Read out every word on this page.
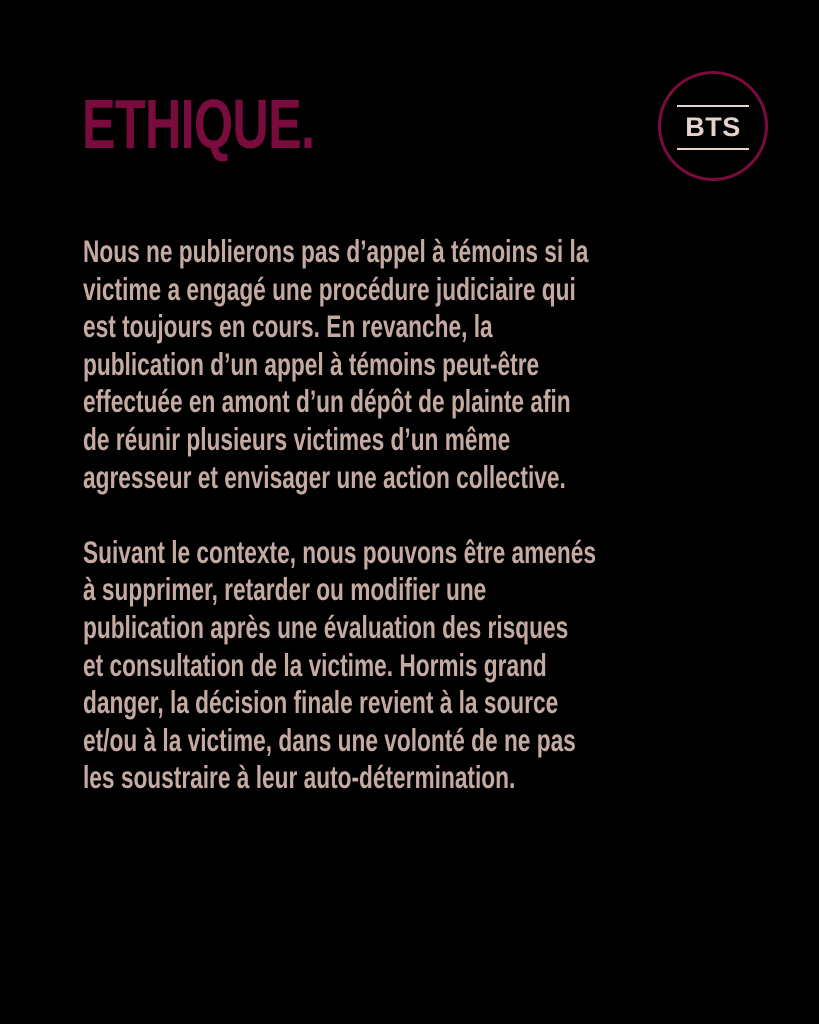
ETHIQUE.	BTS

Nous ne publierons pas d’appel à témoins si la
victime a engagé une procédure judiciaire qui
est toujours en cours. En revanche, la
publication d’un appel à témoins peut-être
effectuée en amont d’un dépôt de plainte afin
de réunir plusieurs victimes d’un même
agresseur et envisager une action collective.

Suivant le contexte, nous pouvons être amenés
à supprimer, retarder ou modifier une
publication après une évaluation des risques
et consultation de la victime. Hormis grand
danger, la décision finale revient à la source
et/ou à la victime, dans une volonté de ne pas
les soustraire à leur auto-détermination.
